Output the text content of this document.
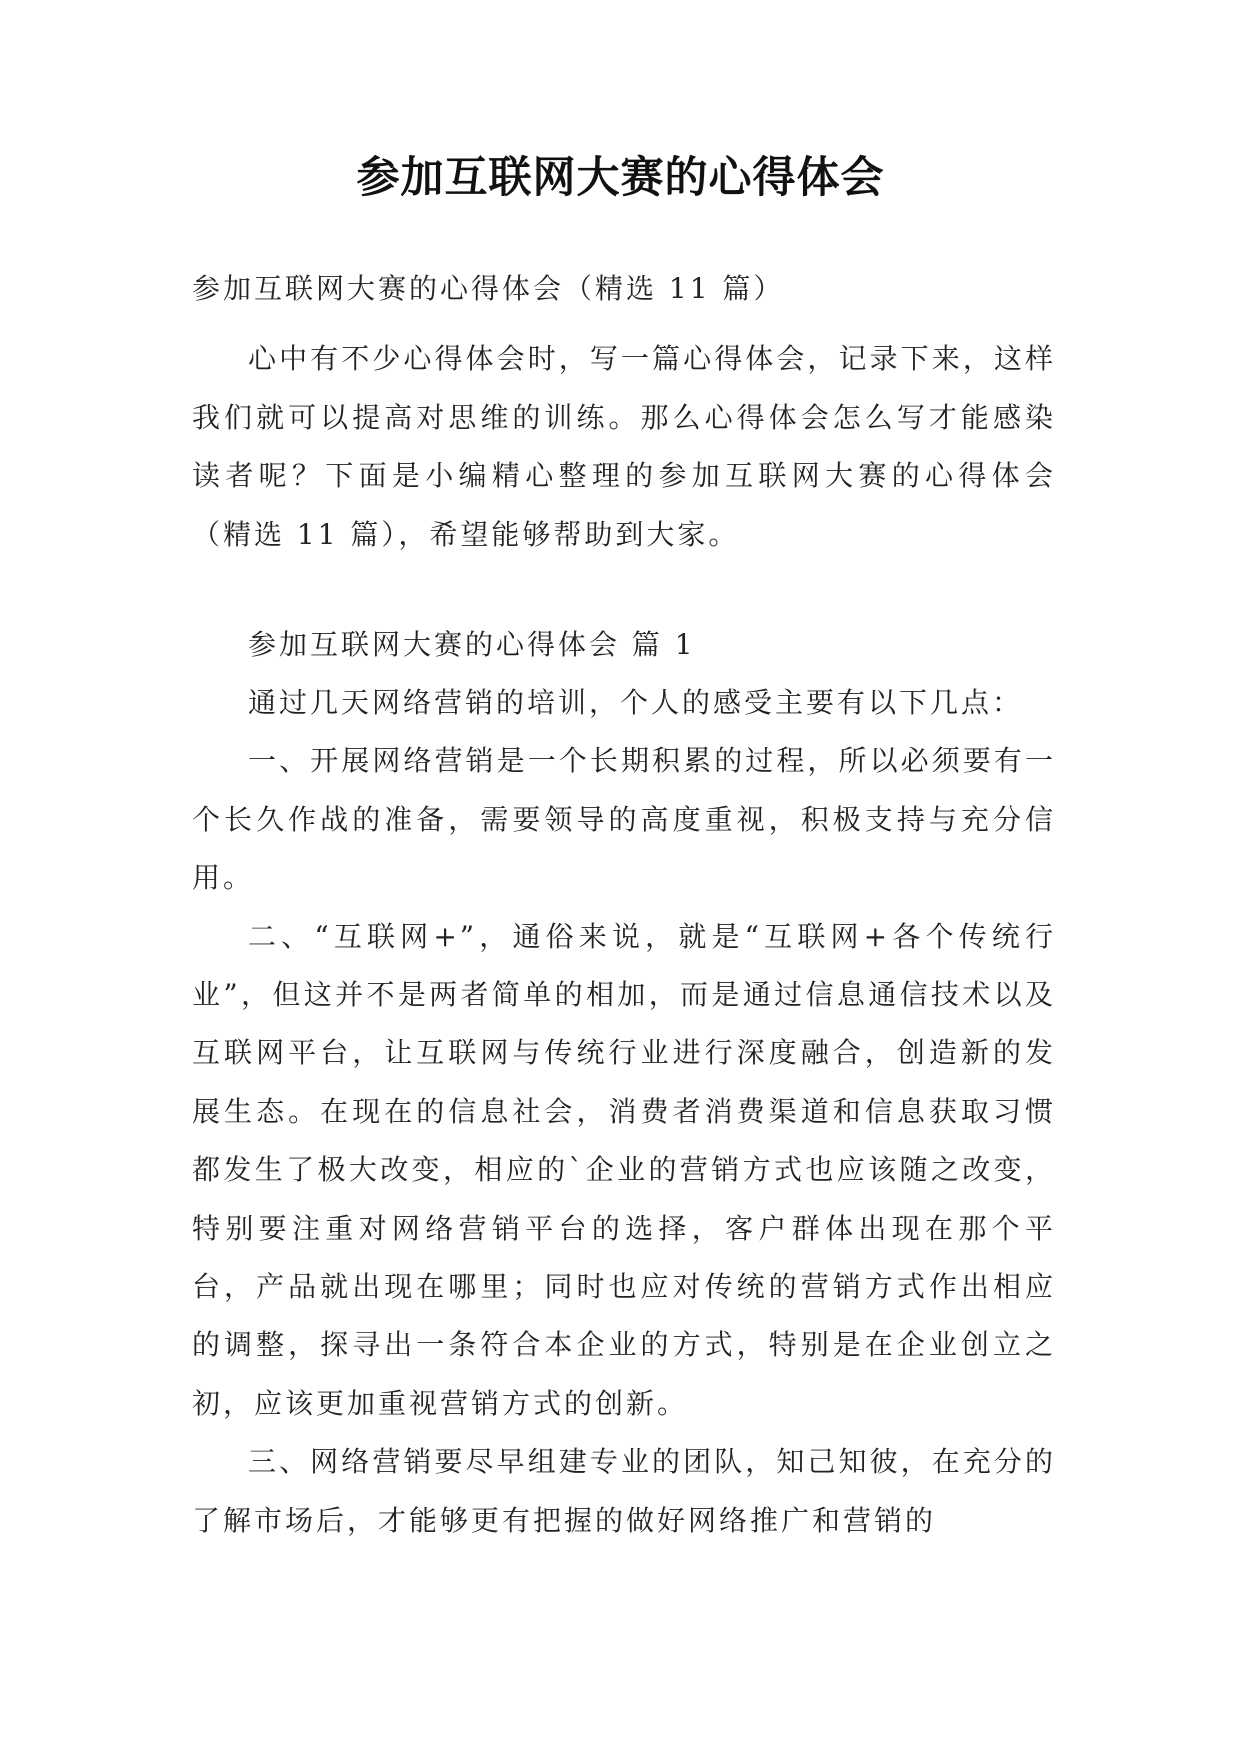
参加互联网大赛的心得体会

参加互联网大赛的心得体会（精选 11 篇）

心中有不少心得体会时，写一篇心得体会，记录下来，这样我们就可以提高对思维的训练。那么心得体会怎么写才能感染读者呢？下面是小编精心整理的参加互联网大赛的心得体会（精选 11 篇），希望能够帮助到大家。

参加互联网大赛的心得体会 篇 1

通过几天网络营销的培训，个人的感受主要有以下几点：

一、开展网络营销是一个长期积累的过程，所以必须要有一个长久作战的准备，需要领导的高度重视，积极支持与充分信用。

二、“互联网+”，通俗来说，就是“互联网+各个传统行业”，但这并不是两者简单的相加，而是通过信息通信技术以及互联网平台，让互联网与传统行业进行深度融合，创造新的发展生态。在现在的信息社会，消费者消费渠道和信息获取习惯都发生了极大改变，相应的`企业的营销方式也应该随之改变，特别要注重对网络营销平台的选择，客户群体出现在那个平台，产品就出现在哪里；同时也应对传统的营销方式作出相应的调整，探寻出一条符合本企业的方式，特别是在企业创立之初，应该更加重视营销方式的创新。

三、网络营销要尽早组建专业的团队，知己知彼，在充分的了解市场后，才能够更有把握的做好网络推广和营销的
